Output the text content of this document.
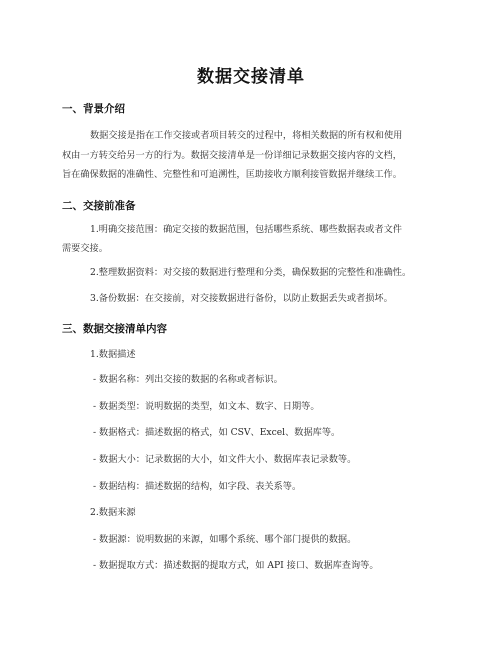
数据交接清单
一、背景介绍
数据交接是指在工作交接或者项目转交的过程中，将相关数据的所有权和使用
权由一方转交给另一方的行为。数据交接清单是一份详细记录数据交接内容的文档，
旨在确保数据的准确性、完整性和可追溯性，匡助接收方顺利接管数据并继续工作。
二、交接前准备
1.明确交接范围：确定交接的数据范围，包括哪些系统、哪些数据表或者文件
需要交接。
2.整理数据资料：对交接的数据进行整理和分类，确保数据的完整性和准确性。
3.备份数据：在交接前，对交接数据进行备份，以防止数据丢失或者损坏。
三、数据交接清单内容
1.数据描述
- 数据名称：列出交接的数据的名称或者标识。
- 数据类型：说明数据的类型，如文本、数字、日期等。
- 数据格式：描述数据的格式，如 CSV、Excel、数据库等。
- 数据大小：记录数据的大小，如文件大小、数据库表记录数等。
- 数据结构：描述数据的结构，如字段、表关系等。
2.数据来源
- 数据源：说明数据的来源，如哪个系统、哪个部门提供的数据。
- 数据提取方式：描述数据的提取方式，如 API 接口、数据库查询等。
